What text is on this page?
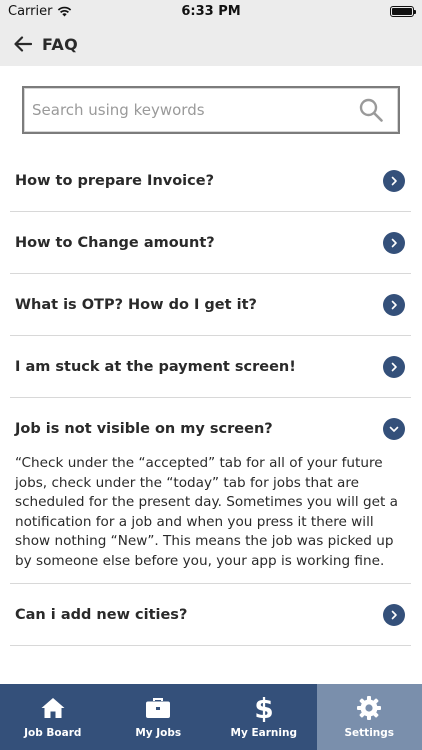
Carrier	6:33 PM
FAQ
Search using keywords
How to prepare Invoice?
How to Change amount?
What is OTP? How do I get it?
I am stuck at the payment screen!
Job is not visible on my screen?
“Check under the “accepted” tab for all of your future jobs, check under the “today” tab for jobs that are scheduled for the present day. Sometimes you will get a notification for a job and when you press it there will show nothing “New”. This means the job was picked up by someone else before you, your app is working fine.
Can i add new cities?
Job Board	My Jobs
$
My Earning	Settings
